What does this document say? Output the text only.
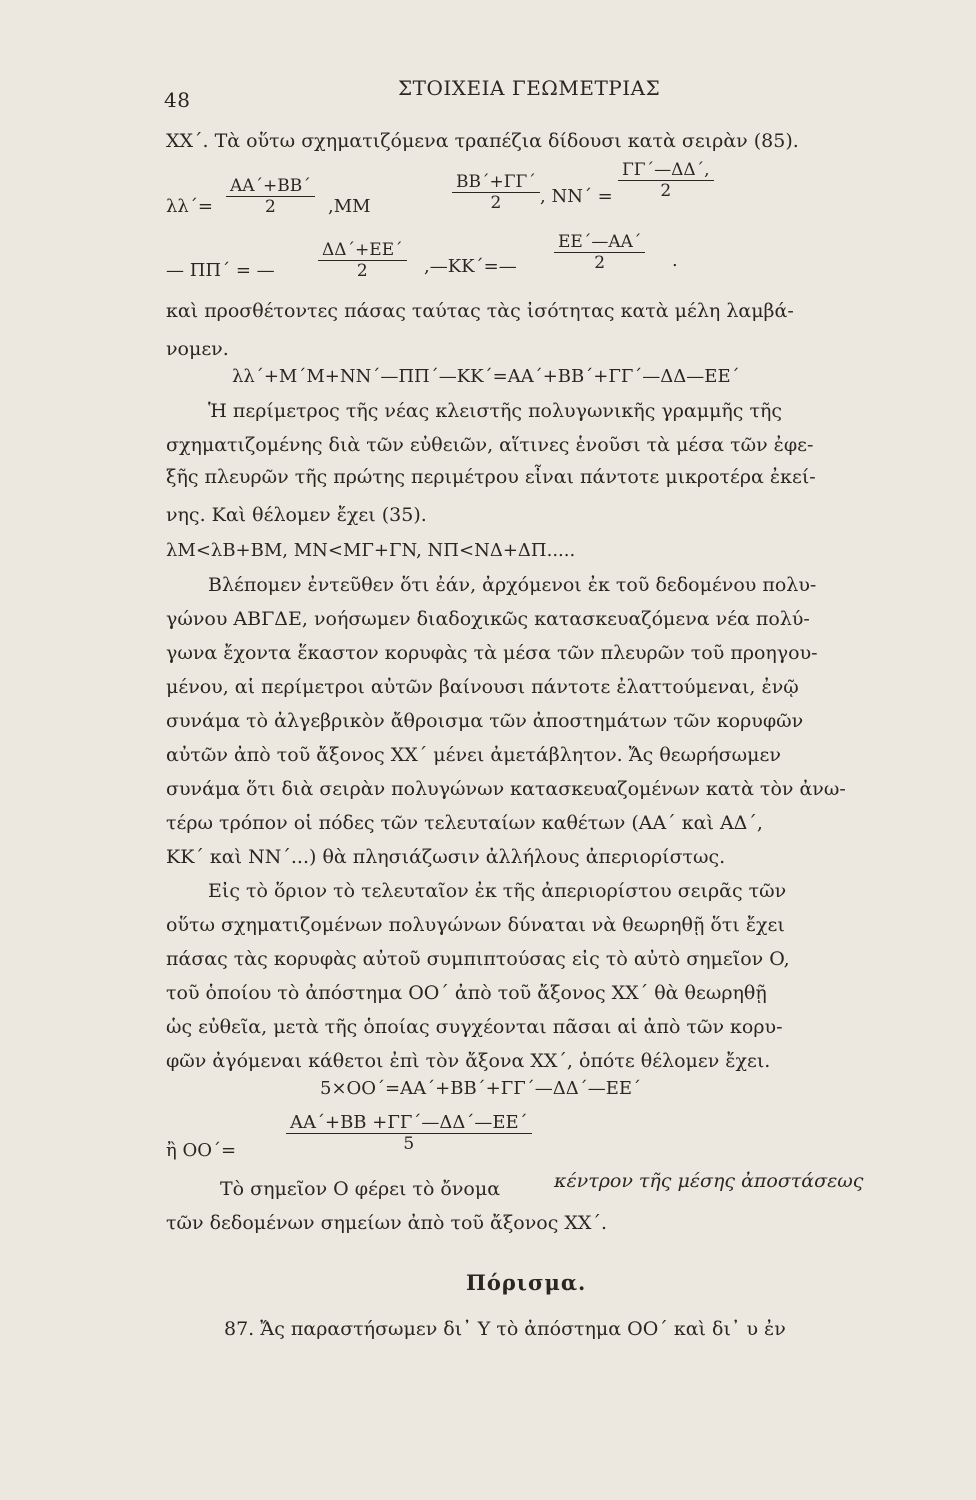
48	ΣΤΟΙΧΕΙΑ ΓΕΩΜΕΤΡΙΑΣ
XX΄. Τὰ οὕτω σχηματιζόμενα τραπέζια δίδουσι κατὰ σειρὰν (85).
$\lambda\lambda΄= \frac{AA΄+BB΄}{2} ,MM$	$\frac{BB΄+\Gamma\Gamma΄}{2}$ , $NN΄ = \frac{\Gamma\Gamma΄—\Delta\Delta΄,}{2}$
— ΠΠ΄ = —	$\frac{\Delta\Delta΄+EE΄}{2}$ ,—KK΄=— $\frac{EE΄—AA΄}{2}$ .
καὶ προσθέτοντες πάσας ταύτας τὰς ἰσότητας κατὰ μέλη λαμβά-
νομεν.
λλ΄+M΄M+NN΄—ΠΠ΄—KK΄=AA΄+BB΄+ΓΓ΄—ΔΔ—EE΄
Ἡ περίμετρος τῆς νέας κλειστῆς πολυγωνικῆς γραμμῆς τῆς
σχηματιζομένης διὰ τῶν εὐθειῶν, αἵτινες ἑνοῦσι τὰ μέσα τῶν ἐφε-
ξῆς πλευρῶν τῆς πρώτης περιμέτρου εἶναι πάντοτε μικροτέρα ἐκεί-
νης. Καὶ θέλομεν ἔχει (35).
λM<λB+BM, MN<MΓ+ΓN, NΠ<NΔ+ΔΠ.....
Βλέπομεν ἐντεῦθεν ὅτι ἐάν, ἀρχόμενοι ἐκ τοῦ δεδομένου πολυ-
γώνου ΑΒΓΔΕ, νοήσωμεν διαδοχικῶς κατασκευαζόμενα νέα πολύ-
γωνα ἔχοντα ἕκαστον κορυφὰς τὰ μέσα τῶν πλευρῶν τοῦ προηγου-
μένου, αἱ περίμετροι αὐτῶν βαίνουσι πάντοτε ἐλαττούμεναι, ἐνῷ
συνάμα τὸ ἀλγεβρικὸν ἄθροισμα τῶν ἀποστημάτων τῶν κορυφῶν
αὐτῶν ἀπὸ τοῦ ἄξονος XX΄ μένει ἀμετάβλητον. Ἄς θεωρήσωμεν
συνάμα ὅτι διὰ σειρὰν πολυγώνων κατασκευαζομένων κατὰ τὸν ἀνω-
τέρω τρόπον οἱ πόδες τῶν τελευταίων καθέτων (AA΄ καὶ AΔ΄,
KK΄ καὶ NN΄...) θὰ πλησιάζωσιν ἀλλήλους ἀπεριορίστως.
Εἰς τὸ ὅριον τὸ τελευταῖον ἐκ τῆς ἀπεριορίστου σειρᾶς τῶν
οὕτω σχηματιζομένων πολυγώνων δύναται νὰ θεωρηθῇ ὅτι ἔχει
πάσας τὰς κορυφὰς αὐτοῦ συμπιπτούσας εἰς τὸ αὐτὸ σημεῖον O,
τοῦ ὁποίου τὸ ἀπόστημα OO΄ ἀπὸ τοῦ ἄξονος XX΄ θὰ θεωρηθῇ
ὡς εὐθεῖα, μετὰ τῆς ὁποίας συγχέονται πᾶσαι αἱ ἀπὸ τῶν κορυ-
φῶν ἀγόμεναι κάθετοι ἐπὶ τὸν ἄξονα XX΄, ὁπότε θέλομεν ἔχει.
5×OO΄=AA΄+BB΄+ΓΓ΄—ΔΔ΄—EE΄
ἢ OO΄=	$\frac{AA΄+BB +\Gamma\Gamma΄—\Delta\Delta΄—EE΄}{5}$
Τὸ σημεῖον O φέρει τὸ ὄνομα	κέντρον τῆς μέσης ἀποστάσεως
τῶν δεδομένων σημείων ἀπὸ τοῦ ἄξονος XX΄.
Πόρισμα.
87. Ἄς παραστήσωμεν δι᾽ Υ τὸ ἀπόστημα OO΄ καὶ δι᾽ υ ἐν
